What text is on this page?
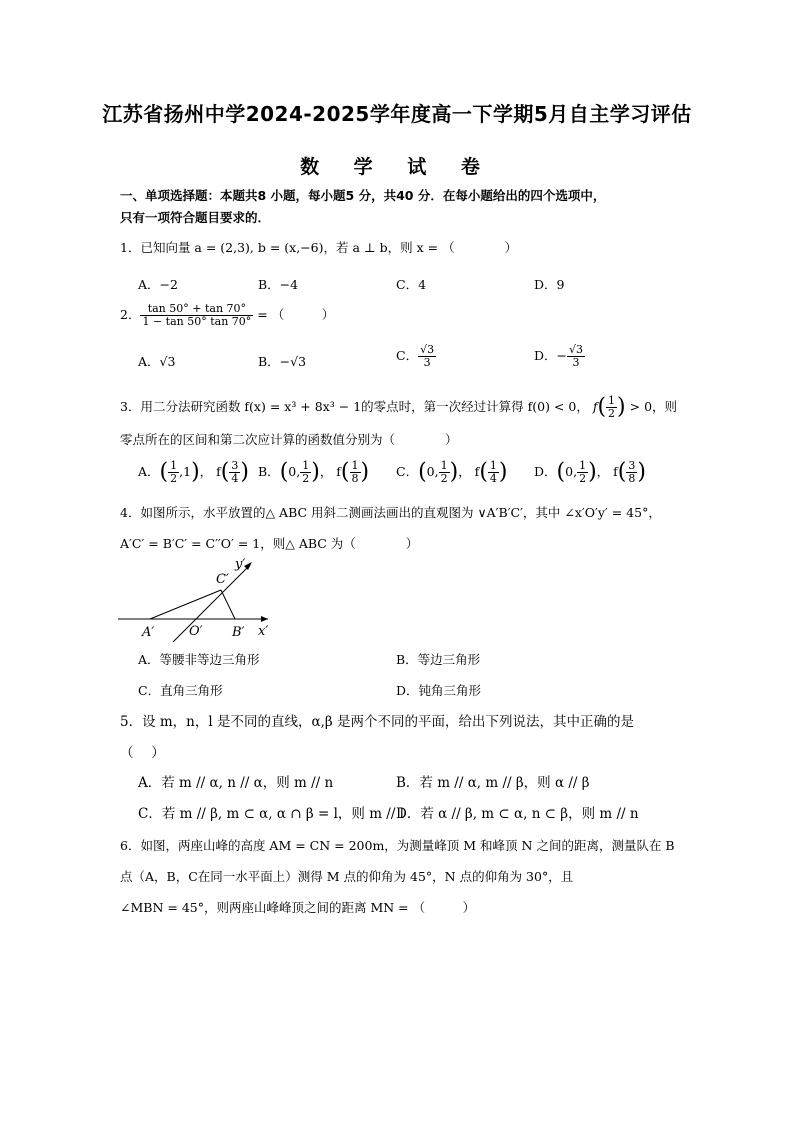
江苏省扬州中学2024-2025学年度高一下学期5月自主学习评估
数 学 试 卷
一、单项选择题：本题共8 小题，每小题5 分，共40 分．在每小题给出的四个选项中，
只有一项符合题目要求的．
1．已知向量 a = (2,3), b = (x,−6)，若 a ⊥ b，则 x = （　　　　）
A．−2	B．−4	C．4	D．9
2． $\frac{\tan 50^\circ + \tan 70^\circ}{1 - \tan 50^\circ \tan 70^\circ}$ = （　　　）
A．√3	B．−√3	C． $\frac{√3}{3}$	D．− $\frac{√3}{3}$
3．用二分法研究函数 f(x) = x³ + 8x³ − 1的零点时，第一次经过计算得 f(0) < 0， $f( \frac{1}{2}$ ) > 0，则
零点所在的区间和第二次应计算的函数值分别为（　　　　）
A．( $\frac{1}{2} ,1$)， $f( \frac{3}{4}$ ) B．(0, $\frac{1}{2}$ )， $f( \frac{1}{8}$ ) C．(0, $\frac{1}{2}$ )， $f( \frac{1}{4}$ ) D．(0, $\frac{1}{2}$ )， $f( \frac{3}{8}$ )
4．如图所示，水平放置的△ ABC 用斜二测画法画出的直观图为 ∨A′B′C′，其中 ∠x′O′y′ = 45°，
A′C′ = B′C′ = C′′O′ = 1，则△ ABC 为（　　　　）
C′
y′
A′	O′ B′ x′
A．等腰非等边三角形	B．等边三角形
C．直角三角形	D．钝角三角形
5．设 m，n，l 是不同的直线，α,β 是两个不同的平面，给出下列说法，其中正确的是
（　 ）
A．若 m // α, n // α，则 m // n	B．若 m // α, m // β，则 α // β
C．若 m // β, m ⊂ α, α ∩ β = l，则 m // l
D．若 α // β, m ⊂ α, n ⊂ β，则 m // n
6．如图，两座山峰的高度 AM = CN = 200m，为测量峰顶 M 和峰顶 N 之间的距离，测量队在 B
点（A，B，C在同一水平面上）测得 M 点的仰角为 45°，N 点的仰角为 30°，且
∠MBN = 45°，则两座山峰峰顶之间的距离 MN = （　　　）
